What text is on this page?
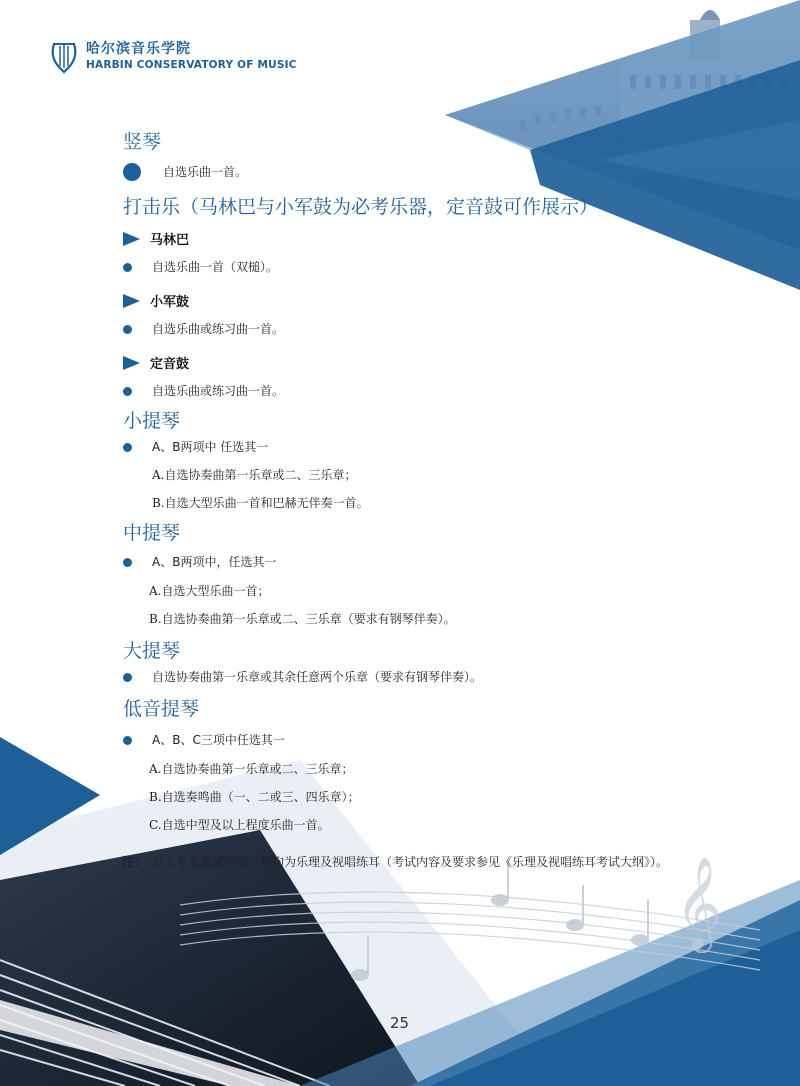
𝄞
哈尔滨音乐学院
HARBIN CONSERVATORY OF MUSIC
竖琴
自选乐曲一首。
打击乐（马林巴与小军鼓为必考乐器，定音鼓可作展示）
马林巴
自选乐曲一首（双槌）。
小军鼓
自选乐曲或练习曲一首。
定音鼓
自选乐曲或练习曲一首。
小提琴
A、B两项中 任选其一
A.自选协奏曲第一乐章或二、三乐章；
B.自选大型乐曲一首和巴赫无伴奏一首。
中提琴
A、B两项中，任选其一
A.自选大型乐曲一首；
B.自选协奏曲第一乐章或二、三乐章（要求有钢琴伴奏）。
大提琴
自选协奏曲第一乐章或其余任意两个乐章（要求有钢琴伴奏）。
低音提琴
A、B、C三项中任选其一
A.自选协奏曲第一乐章或二、三乐章；
B.自选奏鸣曲（一、二或三、四乐章）；
C.自选中型及以上程度乐曲一首。
注： 以上专业复试的第二项均为乐理及视唱练耳（考试内容及要求参见《乐理及视唱练耳考试大纲》）。
25
